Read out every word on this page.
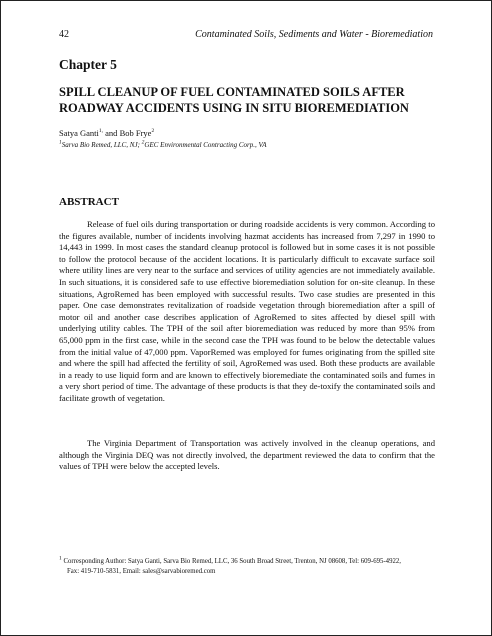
42	Contaminated Soils, Sediments and Water - Bioremediation
Chapter 5
SPILL CLEANUP OF FUEL CONTAMINATED SOILS AFTER ROADWAY ACCIDENTS USING IN SITU BIOREMEDIATION
Satya Ganti$^{1,}$ and Bob Frye$^2$
$^1$Sarva Bio Remed, LLC, NJ; $^2$GEC Environmental Contracting Corp., VA
ABSTRACT

Release of fuel oils during transportation or during roadside accidents is very common. According to the figures available, number of incidents involving hazmat accidents has increased from 7,297 in 1990 to 14,443 in 1999. In most cases the standard cleanup protocol is followed but in some cases it is not possible to follow the protocol because of the accident locations. It is particularly difficult to excavate surface soil where utility lines are very near to the surface and services of utility agencies are not immediately available. In such situations, it is considered safe to use effective bioremediation solution for on-site cleanup. In these situations, AgroRemed has been employed with successful results. Two case studies are presented in this paper. One case demonstrates revitalization of roadside vegetation through bioremediation after a spill of motor oil and another case describes application of AgroRemed to sites affected by diesel spill with underlying utility cables. The TPH of the soil after bioremediation was reduced by more than 95% from 65,000 ppm in the first case, while in the second case the TPH was found to be below the detectable values from the initial value of 47,000 ppm. VaporRemed was employed for fumes originating from the spilled site and where the spill had affected the fertility of soil, AgroRemed was used. Both these products are available in a ready to use liquid form and are known to effectively bioremediate the contaminated soils and fumes in a very short period of time. The advantage of these products is that they de-toxify the contaminated soils and facilitate growth of vegetation.

The Virginia Department of Transportation was actively involved in the cleanup operations, and although the Virginia DEQ was not directly involved, the department reviewed the data to confirm that the values of TPH were below the accepted levels.

$^1$ Corresponding Author: Satya Ganti, Sarva Bio Remed, LLC, 36 South Broad Street, Trenton, NJ 08608, Tel: 609-695-4922,
Fax: 419-710-5831, Email: sales@sarvabioremed.com
